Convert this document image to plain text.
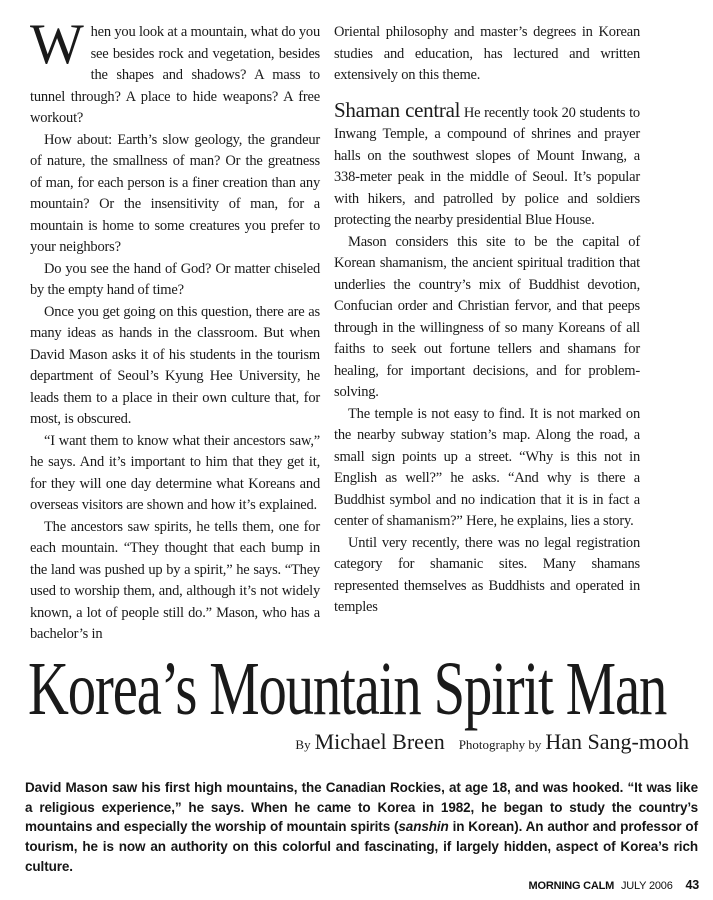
When you look at a mountain, what do you see besides rock and vegetation, besides the shapes and shadows? A mass to tunnel through? A place to hide weapons? A free workout?

How about: Earth’s slow geology, the grandeur of nature, the smallness of man? Or the greatness of man, for each person is a finer creation than any mountain? Or the insensitivity of man, for a mountain is home to some creatures you prefer to your neighbors?

Do you see the hand of God? Or matter chiseled by the empty hand of time?

Once you get going on this question, there are as many ideas as hands in the classroom. But when David Mason asks it of his students in the tourism department of Seoul’s Kyung Hee University, he leads them to a place in their own culture that, for most, is obscured.

“I want them to know what their ancestors saw,” he says. And it’s important to him that they get it, for they will one day determine what Koreans and overseas visitors are shown and how it’s explained.

The ancestors saw spirits, he tells them, one for each mountain. “They thought that each bump in the land was pushed up by a spirit,” he says. “They used to worship them, and, although it’s not widely known, a lot of people still do.” Mason, who has a bachelor’s in

Oriental philosophy and master’s degrees in Korean studies and education, has lectured and written extensively on this theme.

Shaman central He recently took 20 students to Inwang Temple, a compound of shrines and prayer halls on the southwest slopes of Mount Inwang, a 338-meter peak in the middle of Seoul. It’s popular with hikers, and patrolled by police and soldiers protecting the nearby presidential Blue House.

Mason considers this site to be the capital of Korean shamanism, the ancient spiritual tradition that underlies the country’s mix of Buddhist devotion, Confucian order and Christian fervor, and that peeps through in the willingness of so many Koreans of all faiths to seek out fortune tellers and shamans for healing, for important decisions, and for problem-solving.

The temple is not easy to find. It is not marked on the nearby subway station’s map. Along the road, a small sign points up a street. “Why is this not in English as well?” he asks. “And why is there a Buddhist symbol and no indication that it is in fact a center of shamanism?” Here, he explains, lies a story.

Until very recently, there was no legal registration category for shamanic sites. Many shamans represented themselves as Buddhists and operated in temples

Korea’s Mountain Spirit Man
By Michael Breen Photography by Han Sang-mooh

David Mason saw his first high mountains, the Canadian Rockies, at age 18, and was hooked. “It was like a religious experience,” he says. When he came to Korea in 1982, he began to study the country’s mountains and especially the worship of mountain spirits (sanshin in Korean). An author and professor of tourism, he is now an authority on this colorful and fascinating, if largely hidden, aspect of Korea’s rich culture.

MORNING CALM JULY 2006 43
